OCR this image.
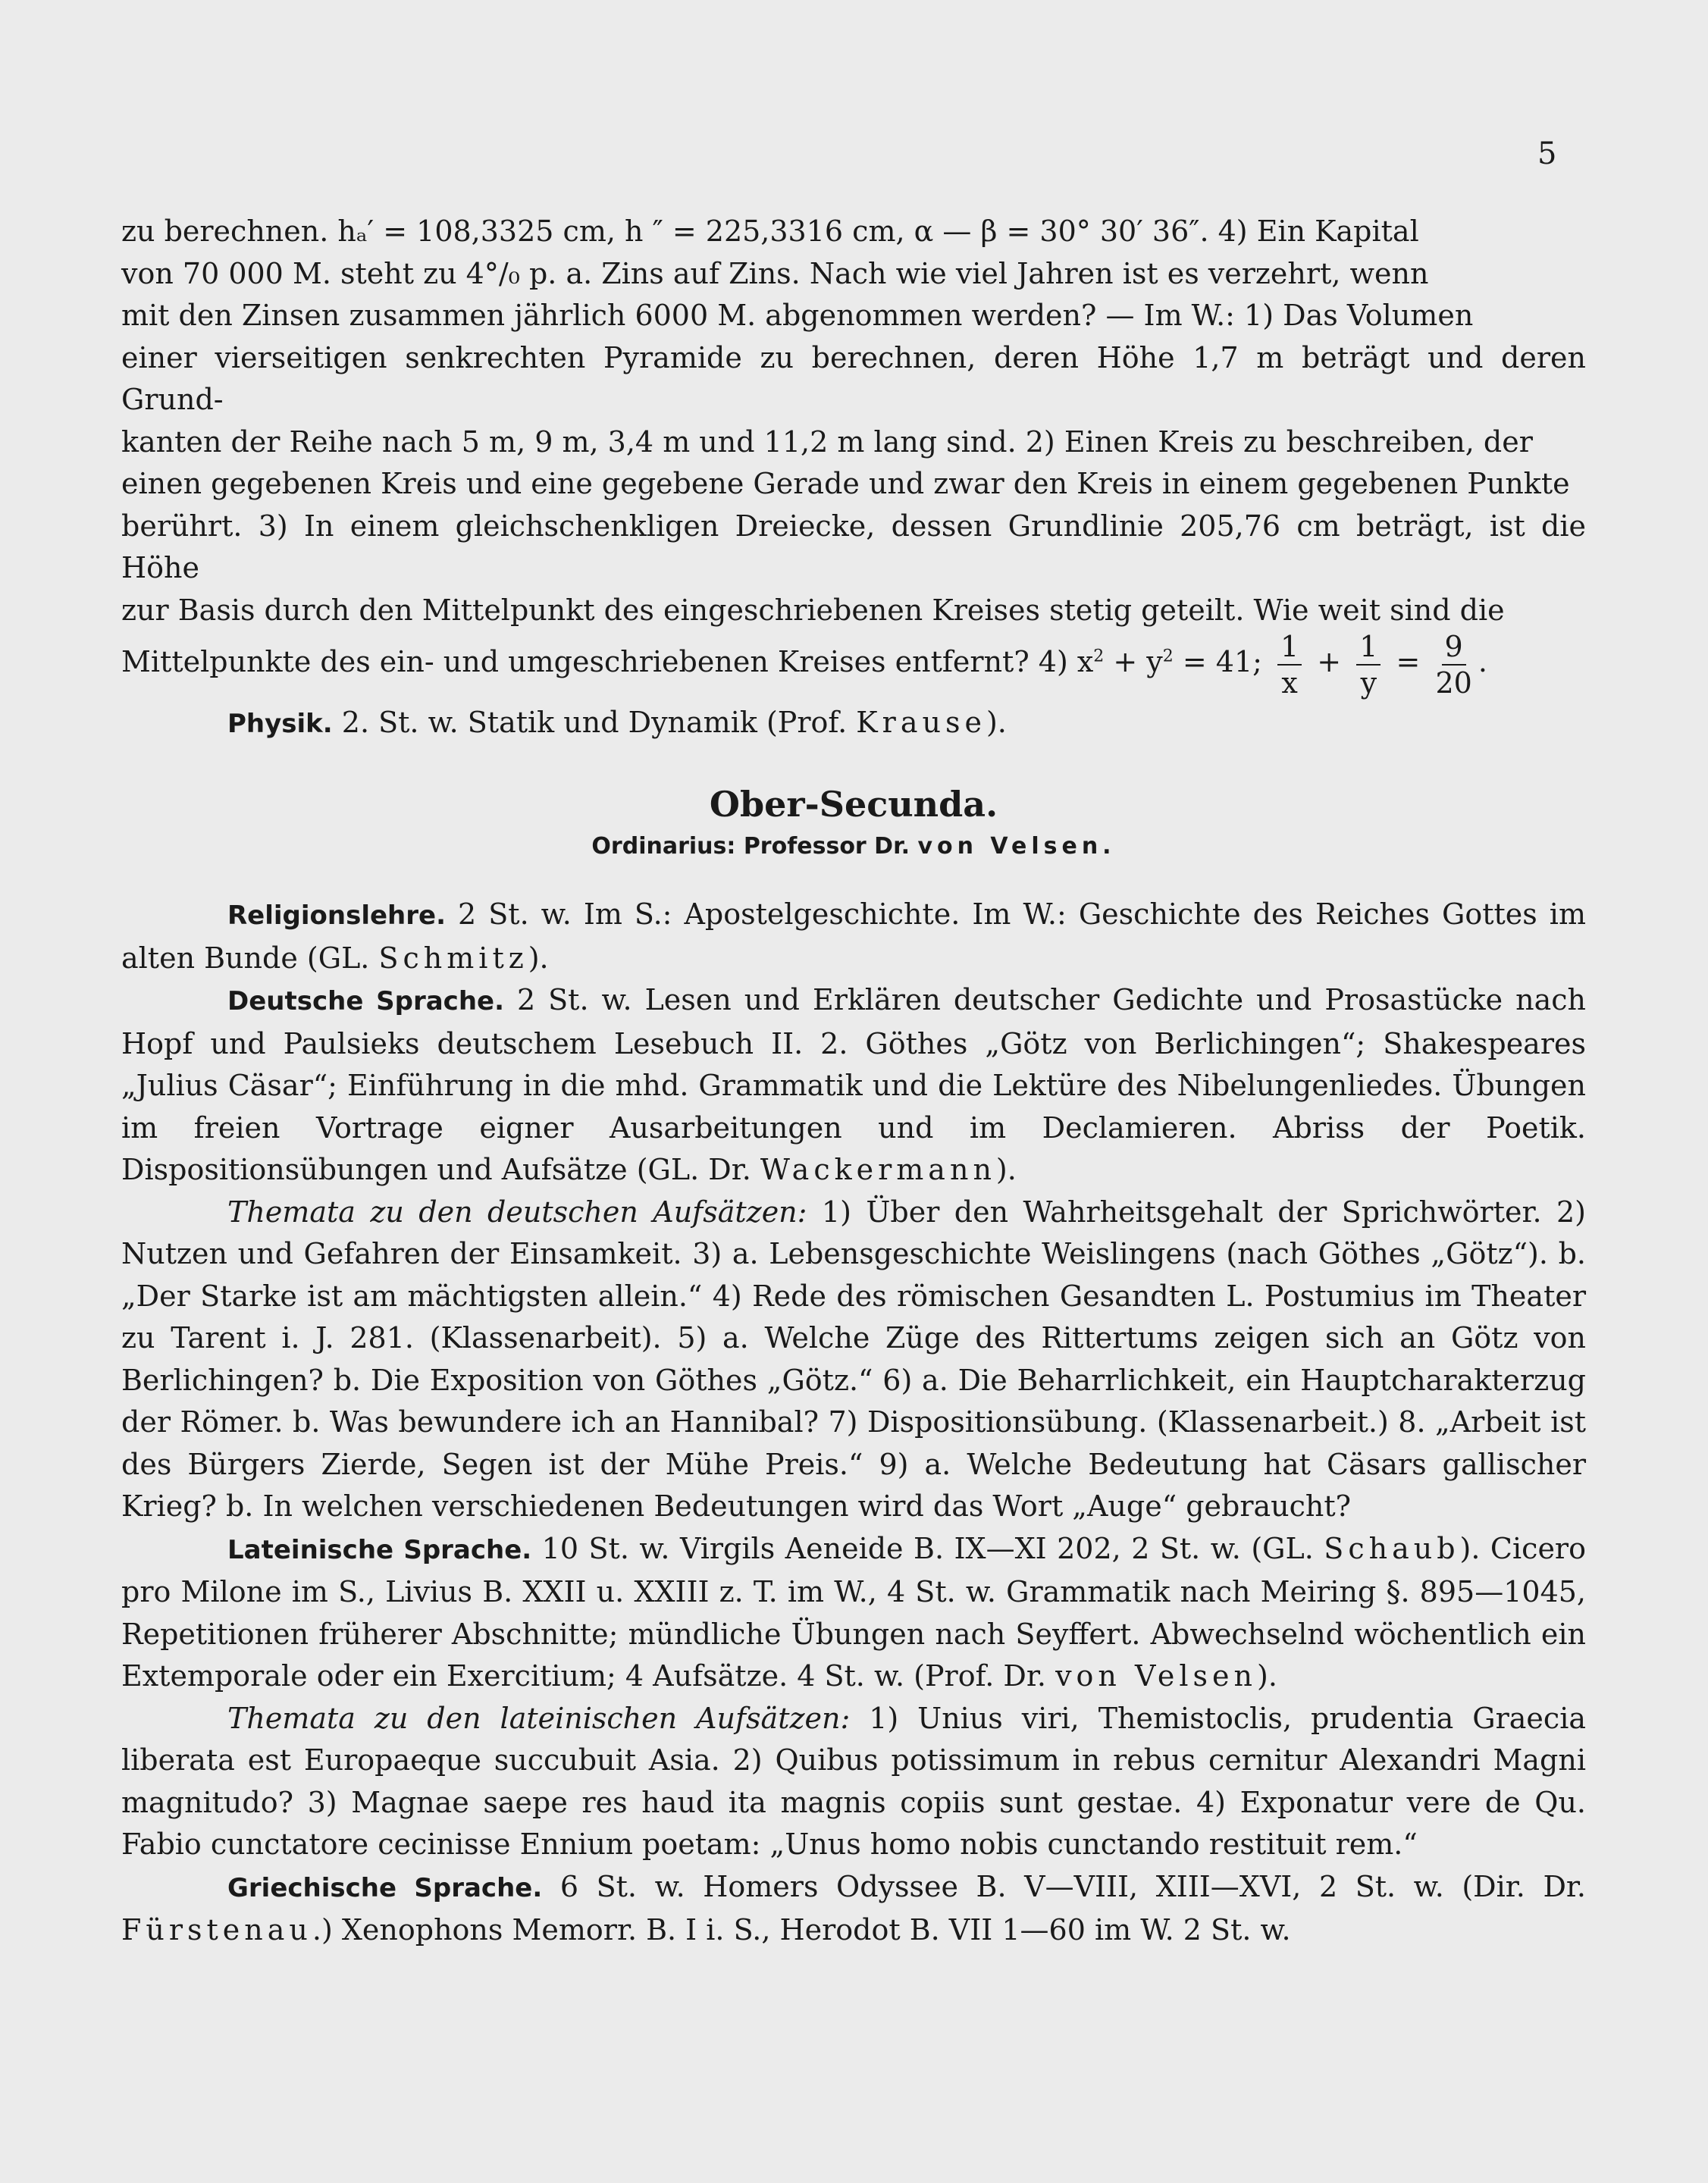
5
zu berechnen. hₐ′ = 108,3325 cm, h ″ = 225,3316 cm, α — β = 30° 30′ 36″. 4) Ein Kapital
von 70 000 M. steht zu 4°/₀ p. a. Zins auf Zins. Nach wie viel Jahren ist es verzehrt, wenn
mit den Zinsen zusammen jährlich 6000 M. abgenommen werden? — Im W.: 1) Das Volumen
einer vierseitigen senkrechten Pyramide zu berechnen, deren Höhe 1,7 m beträgt und deren Grund-
kanten der Reihe nach 5 m, 9 m, 3,4 m und 11,2 m lang sind. 2) Einen Kreis zu beschreiben, der
einen gegebenen Kreis und eine gegebene Gerade und zwar den Kreis in einem gegebenen Punkte
berührt. 3) In einem gleichschenkligen Dreiecke, dessen Grundlinie 205,76 cm beträgt, ist die Höhe
zur Basis durch den Mittelpunkt des eingeschriebenen Kreises stetig geteilt. Wie weit sind die
Mittelpunkte des ein- und umgeschriebenen Kreises entfernt? 4) $x^2 + y^2 = 41$; $\frac{1}{x} + \frac{1}{y} = \frac{9}{20}$ .
Physik. 2. St. w. Statik und Dynamik (Prof. Krause).
Ober-Secunda.
Ordinarius: Professor Dr. von Velsen.
Religionslehre. 2 St. w. Im S.: Apostelgeschichte. Im W.: Geschichte des Reiches Gottes im alten Bunde (GL. Schmitz).
Deutsche Sprache. 2 St. w. Lesen und Erklären deutscher Gedichte und Prosastücke nach Hopf und Paulsieks deutschem Lesebuch II. 2. Göthes „Götz von Berlichingen“; Shakespeares „Julius Cäsar“; Einführung in die mhd. Grammatik und die Lektüre des Nibelungenliedes. Übungen im freien Vortrage eigner Ausarbeitungen und im Declamieren. Abriss der Poetik. Dispositionsübungen und Aufsätze (GL. Dr. Wackermann).
Themata zu den deutschen Aufsätzen: 1) Über den Wahrheitsgehalt der Sprichwörter. 2) Nutzen und Gefahren der Einsamkeit. 3) a. Lebensgeschichte Weislingens (nach Göthes „Götz“). b. „Der Starke ist am mächtigsten allein.“ 4) Rede des römischen Gesandten L. Postumius im Theater zu Tarent i. J. 281. (Klassenarbeit). 5) a. Welche Züge des Rittertums zeigen sich an Götz von Berlichingen? b. Die Exposition von Göthes „Götz.“ 6) a. Die Beharrlichkeit, ein Hauptcharakterzug der Römer. b. Was bewundere ich an Hannibal? 7) Dispositionsübung. (Klassenarbeit.) 8. „Arbeit ist des Bürgers Zierde, Segen ist der Mühe Preis.“ 9) a. Welche Bedeutung hat Cäsars gallischer Krieg? b. In welchen verschiedenen Bedeutungen wird das Wort „Auge“ gebraucht?
Lateinische Sprache. 10 St. w. Virgils Aeneide B. IX—XI 202, 2 St. w. (GL. Schaub). Cicero pro Milone im S., Livius B. XXII u. XXIII z. T. im W., 4 St. w. Grammatik nach Meiring §. 895—1045, Repetitionen früherer Abschnitte; mündliche Übungen nach Seyffert. Abwechselnd wöchentlich ein Extemporale oder ein Exercitium; 4 Aufsätze. 4 St. w. (Prof. Dr. von Velsen).
Themata zu den lateinischen Aufsätzen: 1) Unius viri, Themistoclis, prudentia Graecia liberata est Europaeque succubuit Asia. 2) Quibus potissimum in rebus cernitur Alexandri Magni magnitudo? 3) Magnae saepe res haud ita magnis copiis sunt gestae. 4) Exponatur vere de Qu. Fabio cunctatore cecinisse Ennium poetam: „Unus homo nobis cunctando restituit rem.“
Griechische Sprache. 6 St. w. Homers Odyssee B. V—VIII, XIII—XVI, 2 St. w. (Dir. Dr. Fürstenau.) Xenophons Memorr. B. I i. S., Herodot B. VII 1—60 im W. 2 St. w.
